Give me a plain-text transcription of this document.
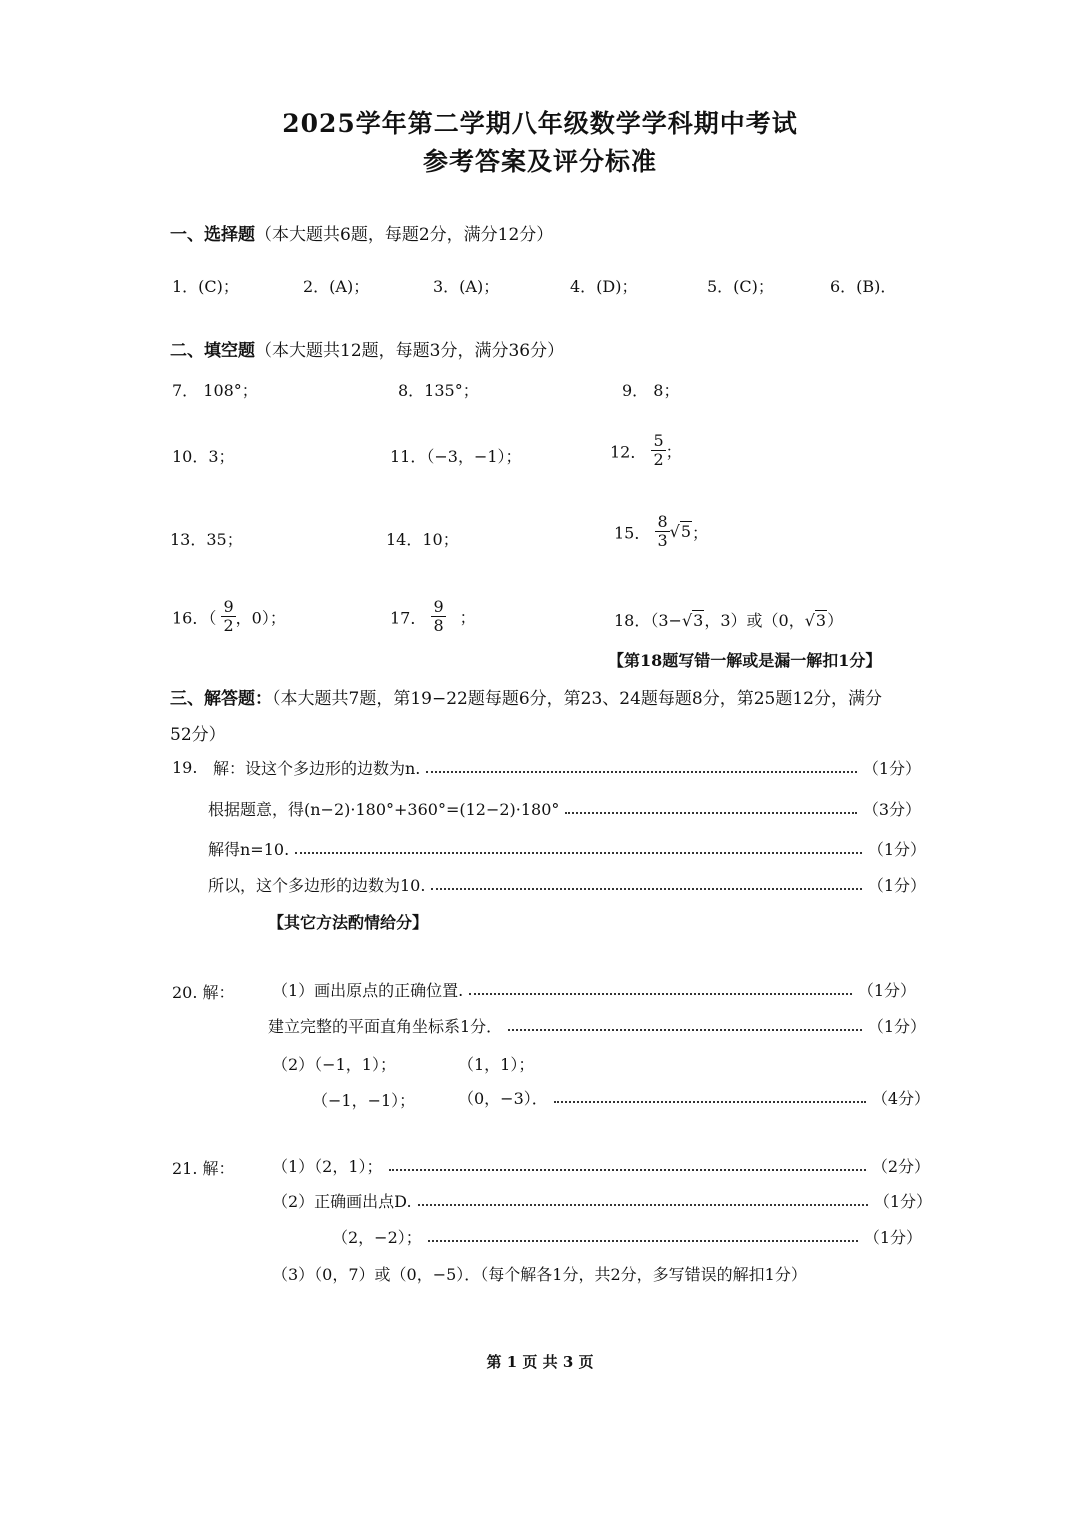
2025学年第二学期八年级数学学科期中考试
参考答案及评分标准
一、选择题（本大题共6题，每题2分，满分12分）
1．(C)；	2．(A)；	3．(A)；	4．(D)；	5．(C)；	6．(B)．
二、填空题（本大题共12题，每题3分，满分36分）
7． 108°；	8．135°；	9． 8；
10．3；	11．（−3，−1）；	12． $\frac{5}{2}$ ；
13．35；	14．10；	15． $\frac{8}{3} √5$；
16．（ $\frac{9}{2}$ ，0）；	17． $\frac{9}{8}$ ；	18．（3−√3，3）或（0，√3）
【第18题写错一解或是漏一解扣1分】
三、解答题：（本大题共7题，第19−22题每题6分，第23、24题每题8分，第25题12分，满分
52分）
19. 解：设这个多边形的边数为n.	（1分）
根据题意，得(n−2)·180°+360°=(12−2)·180°	（3分）
解得n=10.	（1分）
所以，这个多边形的边数为10.	（1分）
【其它方法酌情给分】
20. 解： （1）画出原点的正确位置.	（1分）
建立完整的平面直角坐标系1分．	（1分）
（2）（−1，1）；	（1，1）；
（−1，−1）；	（0，−3）．	（4分）
21. 解： （1）（2，1）；	（2分）
（2）正确画出点D.	（1分）
（2，−2）；	（1分）
（3）（0，7）或（0，−5）．（每个解各1分，共2分，多写错误的解扣1分）
第 1 页 共 3 页
